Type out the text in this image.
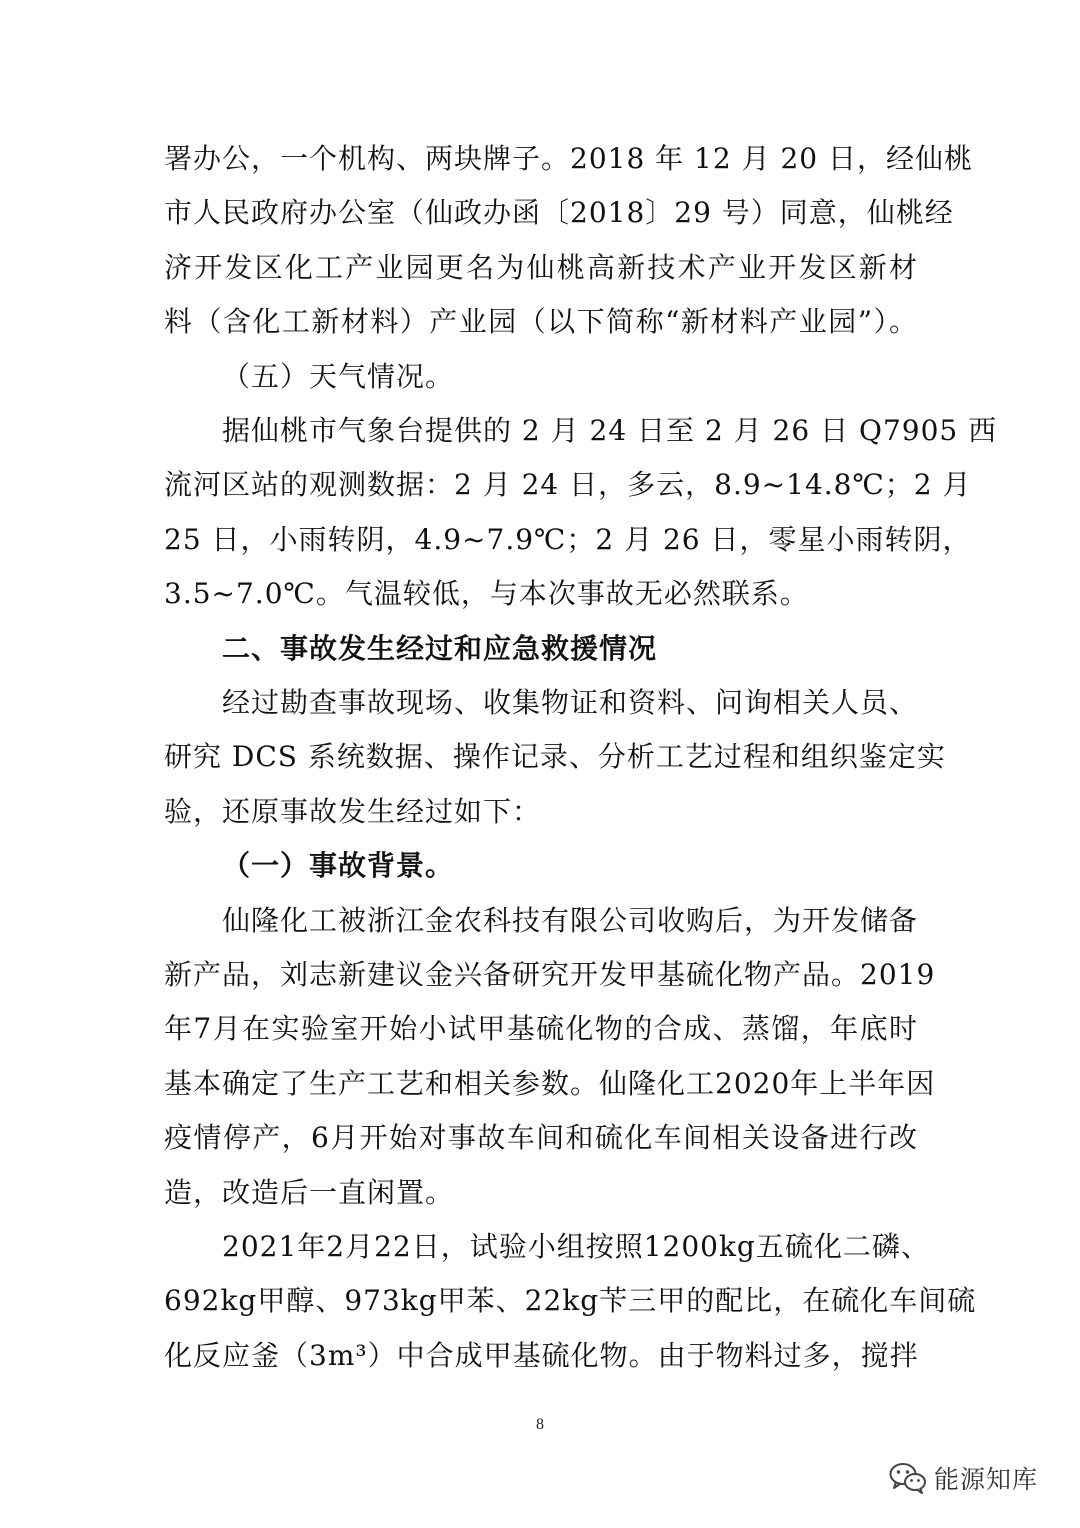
署办公，一个机构、两块牌子。2018 年 12 月 20 日，经仙桃
市人民政府办公室（仙政办函〔2018〕29 号）同意，仙桃经
济开发区化工产业园更名为仙桃高新技术产业开发区新材
料（含化工新材料）产业园（以下简称“新材料产业园”）。
（五）天气情况。
据仙桃市气象台提供的 2 月 24 日至 2 月 26 日 Q7905 西
流河区站的观测数据：2 月 24 日，多云，8.9~14.8℃；2 月
25 日，小雨转阴，4.9~7.9℃；2 月 26 日，零星小雨转阴，
3.5~7.0℃。气温较低，与本次事故无必然联系。
二、事故发生经过和应急救援情况
经过勘查事故现场、收集物证和资料、问询相关人员、
研究 DCS 系统数据、操作记录、分析工艺过程和组织鉴定实
验，还原事故发生经过如下：
（一）事故背景。
仙隆化工被浙江金农科技有限公司收购后，为开发储备
新产品，刘志新建议金兴备研究开发甲基硫化物产品。2019
年7月在实验室开始小试甲基硫化物的合成、蒸馏，年底时
基本确定了生产工艺和相关参数。仙隆化工2020年上半年因
疫情停产，6月开始对事故车间和硫化车间相关设备进行改
造，改造后一直闲置。
2021年2月22日，试验小组按照1200kg五硫化二磷、
692kg甲醇、973kg甲苯、22kg苄三甲的配比，在硫化车间硫
化反应釜（3m³）中合成甲基硫化物。由于物料过多，搅拌
8
能源知库
